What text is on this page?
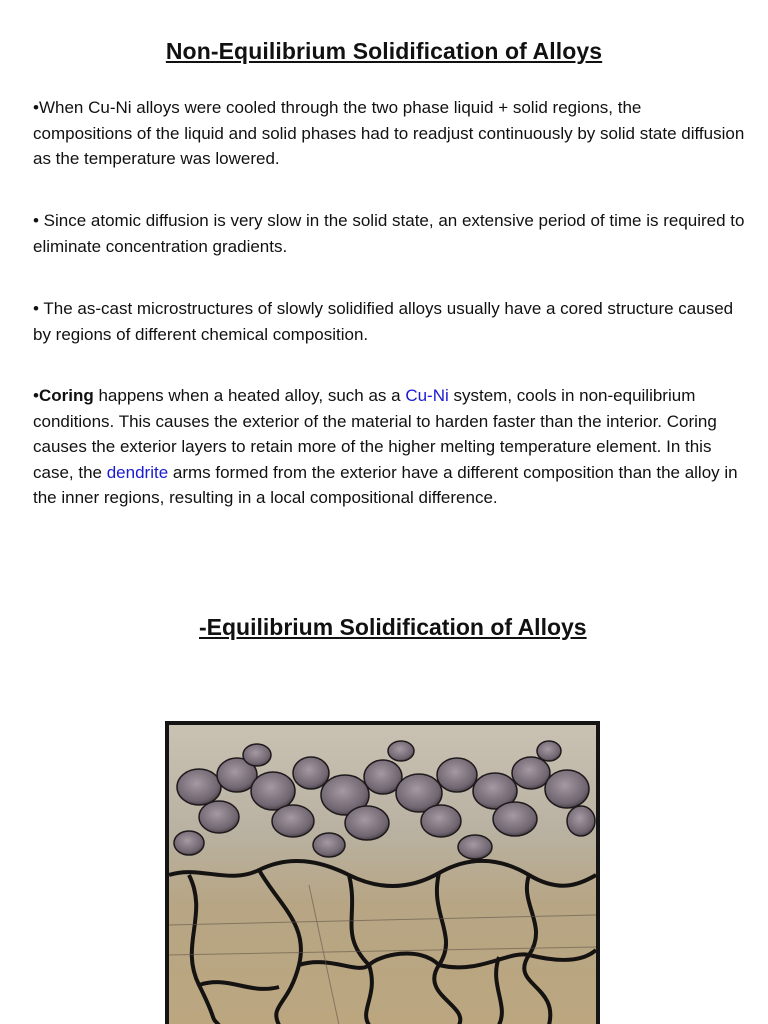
Non-Equilibrium Solidification of Alloys

•When Cu-Ni alloys were cooled through the two phase liquid + solid regions, the compositions of the liquid and solid phases had to readjust continuously by solid state diffusion as the temperature was lowered.

• Since atomic diffusion is very slow in the solid state, an extensive period of time is required to eliminate concentration gradients.

• The as-cast microstructures of slowly solidified alloys usually have a cored structure caused by regions of different chemical composition.

•Coring happens when a heated alloy, such as a Cu-Ni system, cools in non-equilibrium conditions. This causes the exterior of the material to harden faster than the interior. Coring causes the exterior layers to retain more of the higher melting temperature element. In this case, the dendrite arms formed from the exterior have a different composition than the alloy in the inner regions, resulting in a local compositional difference.

-Equilibrium Solidification of Alloys
